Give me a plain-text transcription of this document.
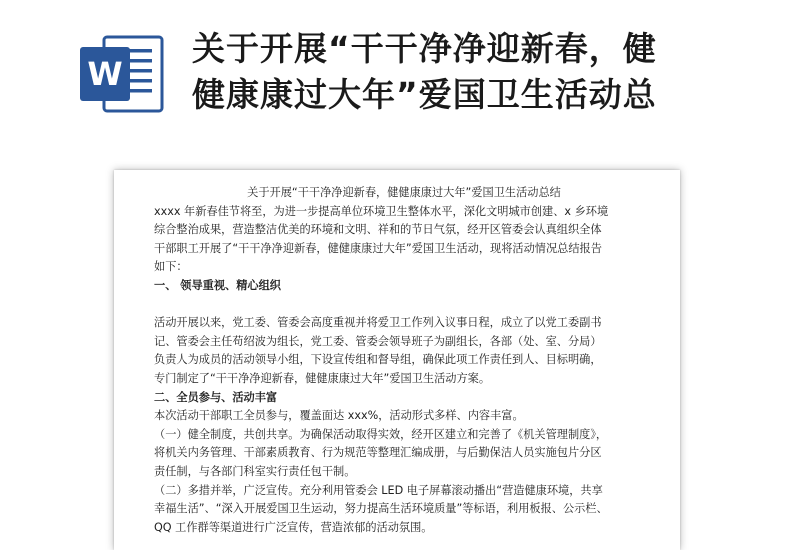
W
关于开展“干干净净迎新春，健
健康康过大年”爱国卫生活动总
关于开展“干干净净迎新春，健健康康过大年”爱国卫生活动总结
xxxx 年新春佳节将至，为进一步提高单位环境卫生整体水平，深化文明城市创建、x 乡环境
综合整治成果，营造整洁优美的环境和文明、祥和的节日气氛，经开区管委会认真组织全体
干部职工开展了“干干净净迎新春，健健康康过大年”爱国卫生活动，现将活动情况总结报告
如下：
一、 领导重视、精心组织
活动开展以来，党工委、管委会高度重视并将爱卫工作列入议事日程，成立了以党工委副书
记、管委会主任苟绍波为组长，党工委、管委会领导班子为副组长，各部（处、室、分局）
负责人为成员的活动领导小组，下设宣传组和督导组，确保此项工作责任到人、目标明确，
专门制定了“干干净净迎新春，健健康康过大年”爱国卫生活动方案。
二、全员参与、活动丰富
本次活动干部职工全员参与，覆盖面达 xxx%，活动形式多样、内容丰富。
（一）健全制度，共创共享。为确保活动取得实效，经开区建立和完善了《机关管理制度》，
将机关内务管理、干部素质教育、行为规范等整理汇编成册，与后勤保洁人员实施包片分区
责任制，与各部门科室实行责任包干制。
（二）多措并举，广泛宣传。充分利用管委会 LED 电子屏幕滚动播出“营造健康环境，共享
幸福生活”、“深入开展爱国卫生运动，努力提高生活环境质量”等标语，利用板报、公示栏、
QQ 工作群等渠道进行广泛宣传，营造浓郁的活动氛围。
